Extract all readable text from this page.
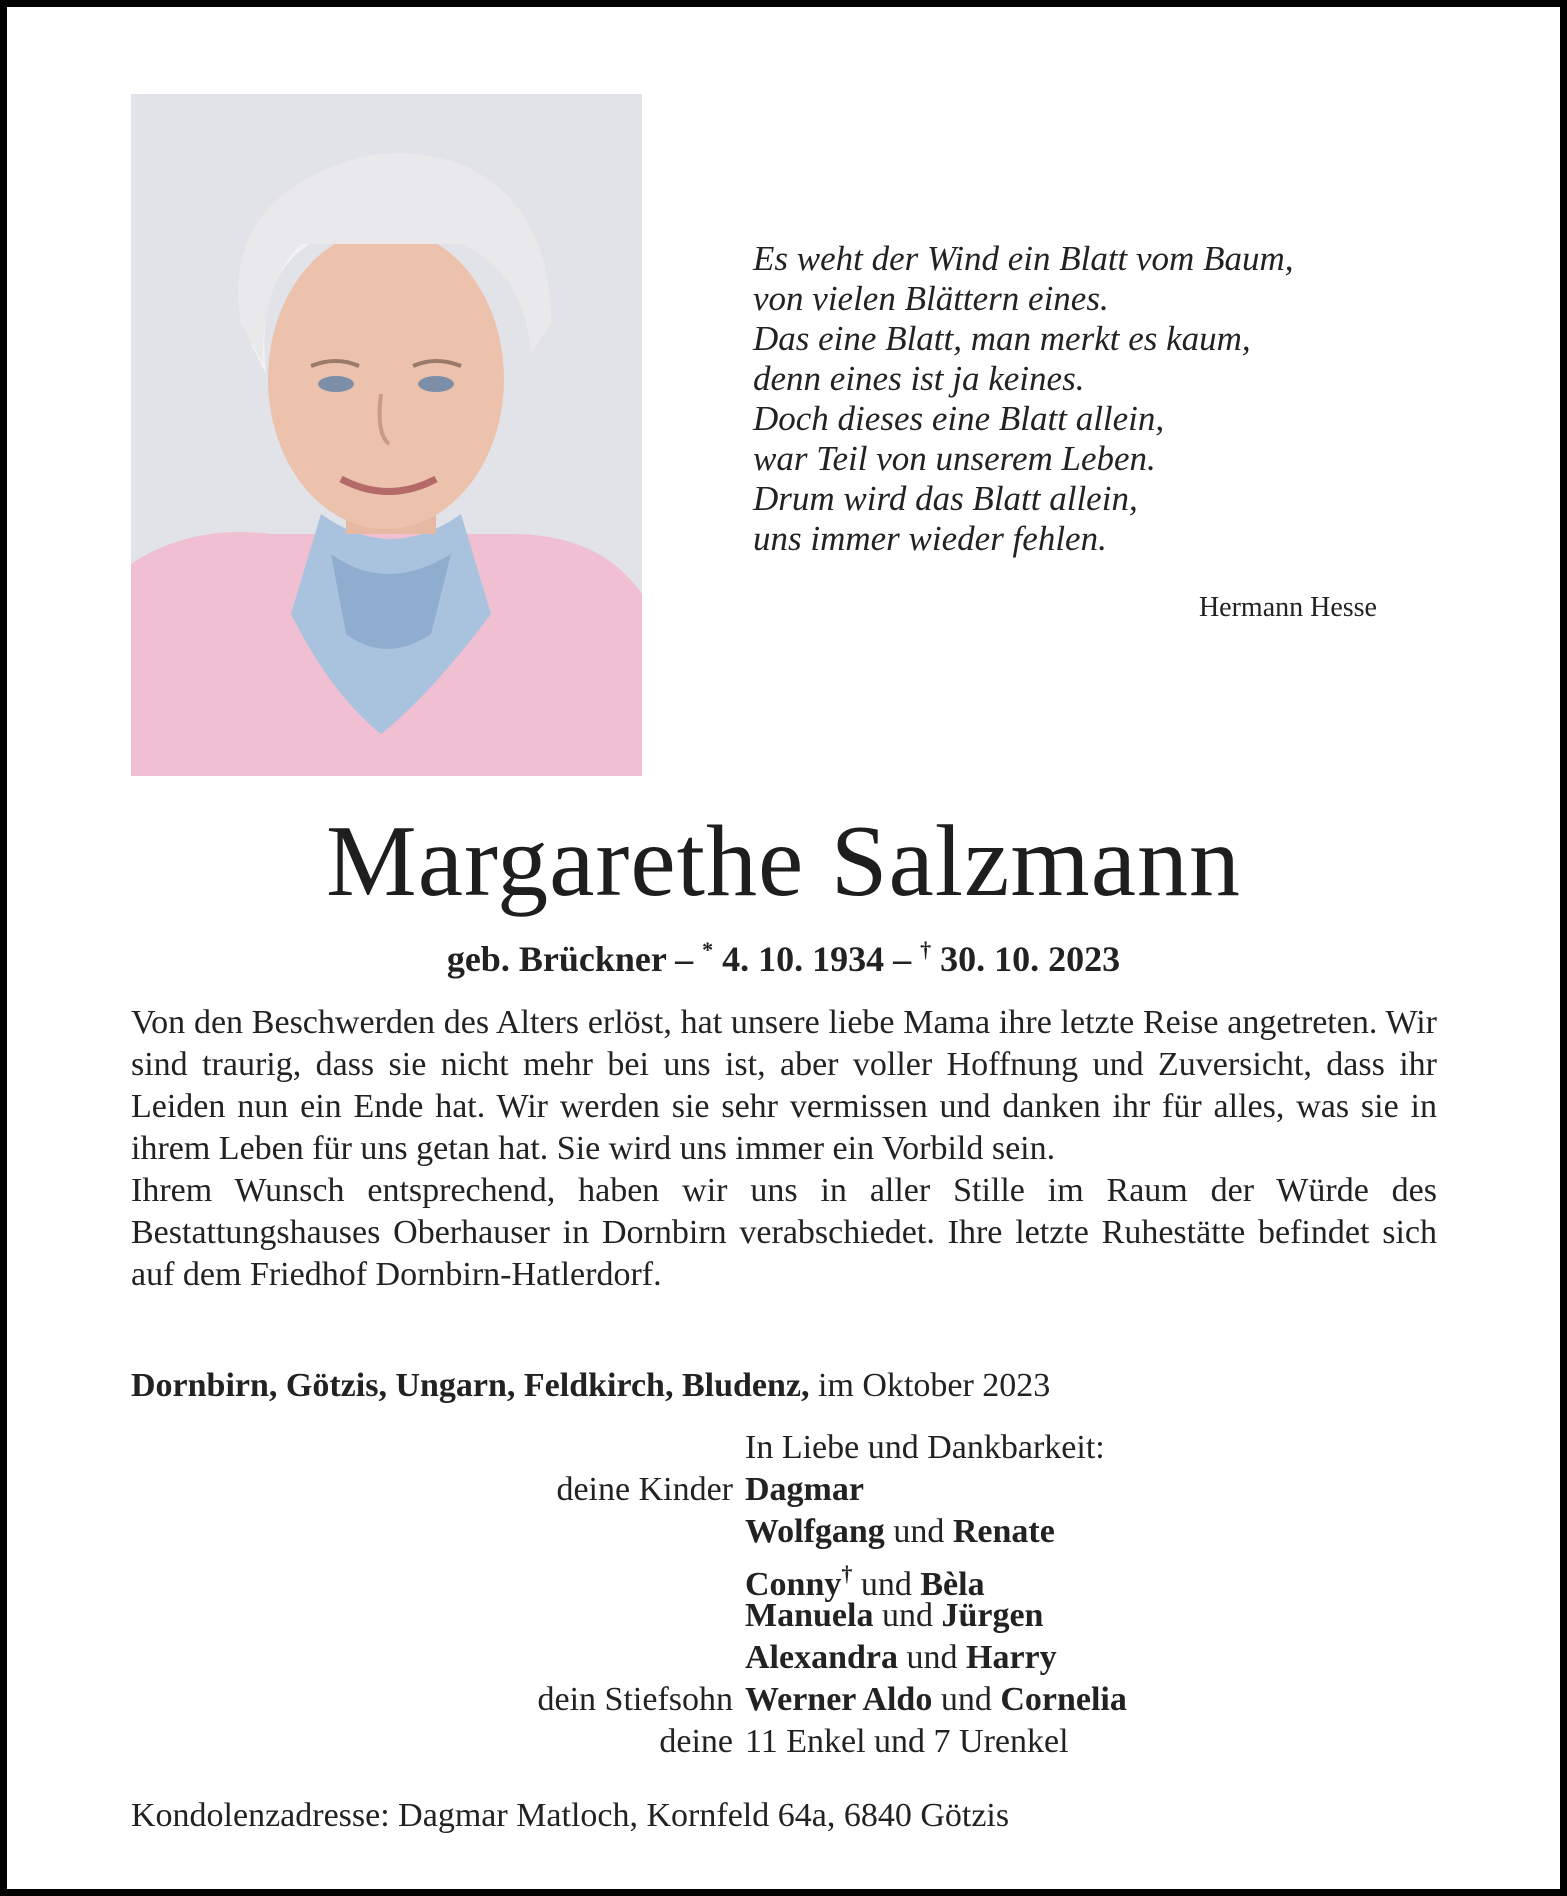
Es weht der Wind ein Blatt vom Baum,
von vielen Blättern eines.
Das eine Blatt, man merkt es kaum,
denn eines ist ja keines.
Doch dieses eine Blatt allein,
war Teil von unserem Leben.
Drum wird das Blatt allein,
uns immer wieder fehlen.
Hermann Hesse
Margarethe Salzmann
geb. Brückner – * 4. 10. 1934 – † 30. 10. 2023

Von den Beschwerden des Alters erlöst, hat unsere liebe Mama ihre letzte Reise angetreten. Wir sind traurig, dass sie nicht mehr bei uns ist, aber voller Hoffnung und Zuversicht, dass ihr Leiden nun ein Ende hat. Wir werden sie sehr vermissen und danken ihr für alles, was sie in ihrem Leben für uns getan hat. Sie wird uns immer ein Vorbild sein.

Ihrem Wunsch entsprechend, haben wir uns in aller Stille im Raum der Würde des Bestattungshauses Oberhauser in Dornbirn verabschiedet. Ihre letzte Ruhestätte befindet sich auf dem Friedhof Dornbirn-Hatlerdorf.

Dornbirn, Götzis, Ungarn, Feldkirch, Bludenz, im Oktober 2023
In Liebe und Dankbarkeit:
deine Kinder Dagmar
Wolfgang und Renate
Conny† und Bèla
Manuela und Jürgen
Alexandra und Harry
dein Stiefsohn Werner Aldo und Cornelia
deine 11 Enkel und 7 Urenkel
Kondolenzadresse: Dagmar Matloch, Kornfeld 64a, 6840 Götzis
